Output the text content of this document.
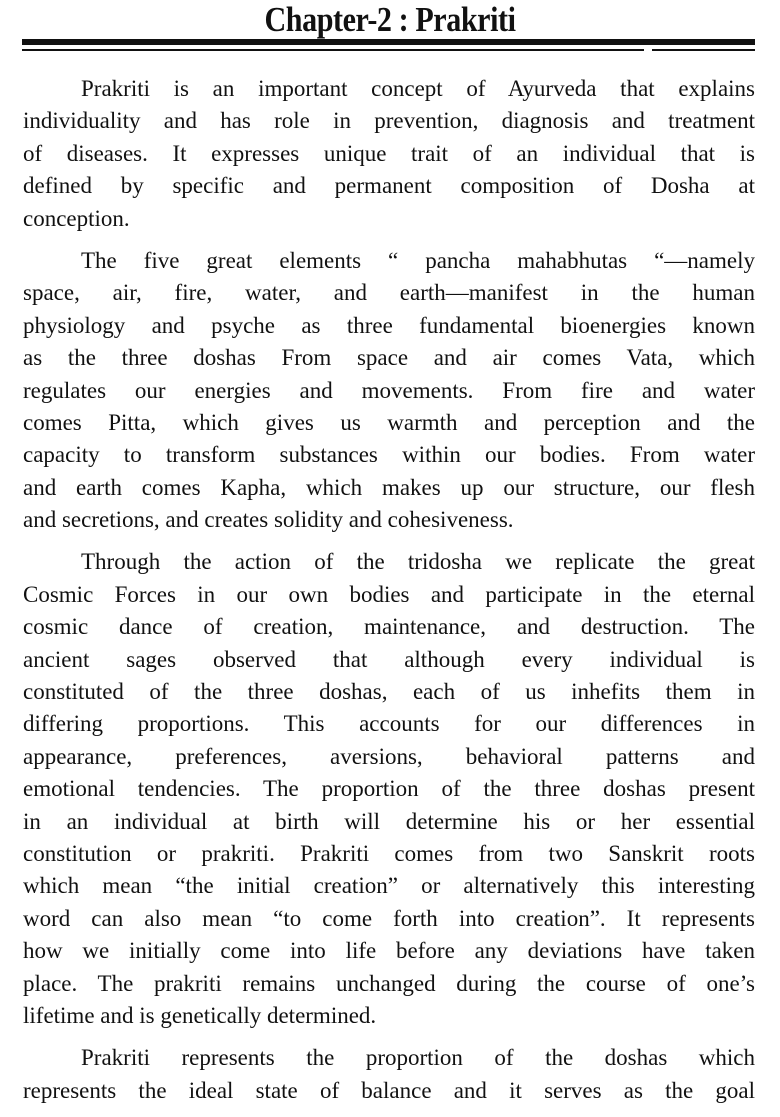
Chapter-2 : Prakriti
Prakriti is an important concept of Ayurveda that explains
individuality and has role in prevention, diagnosis and treatment
of diseases. It expresses unique trait of an individual that is
defined by specific and permanent composition of Dosha at
conception.
The five great elements “ pancha mahabhutas “—namely
space, air, fire, water, and earth—manifest in the human
physiology and psyche as three fundamental bioenergies known
as the three doshas From space and air comes Vata, which
regulates our energies and movements. From fire and water
comes Pitta, which gives us warmth and perception and the
capacity to transform substances within our bodies. From water
and earth comes Kapha, which makes up our structure, our flesh
and secretions, and creates solidity and cohesiveness.
Through the action of the tridosha we replicate the great
Cosmic Forces in our own bodies and participate in the eternal
cosmic dance of creation, maintenance, and destruction. The
ancient sages observed that although every individual is
constituted of the three doshas, each of us inhefits them in
differing proportions. This accounts for our differences in
appearance, preferences, aversions, behavioral patterns and
emotional tendencies. The proportion of the three doshas present
in an individual at birth will determine his or her essential
constitution or prakriti. Prakriti comes from two Sanskrit roots
which mean “the initial creation” or alternatively this interesting
word can also mean “to come forth into creation”. It represents
how we initially come into life before any deviations have taken
place. The prakriti remains unchanged during the course of one’s
lifetime and is genetically determined.
Prakriti represents the proportion of the doshas which
represents the ideal state of balance and it serves as the goal
